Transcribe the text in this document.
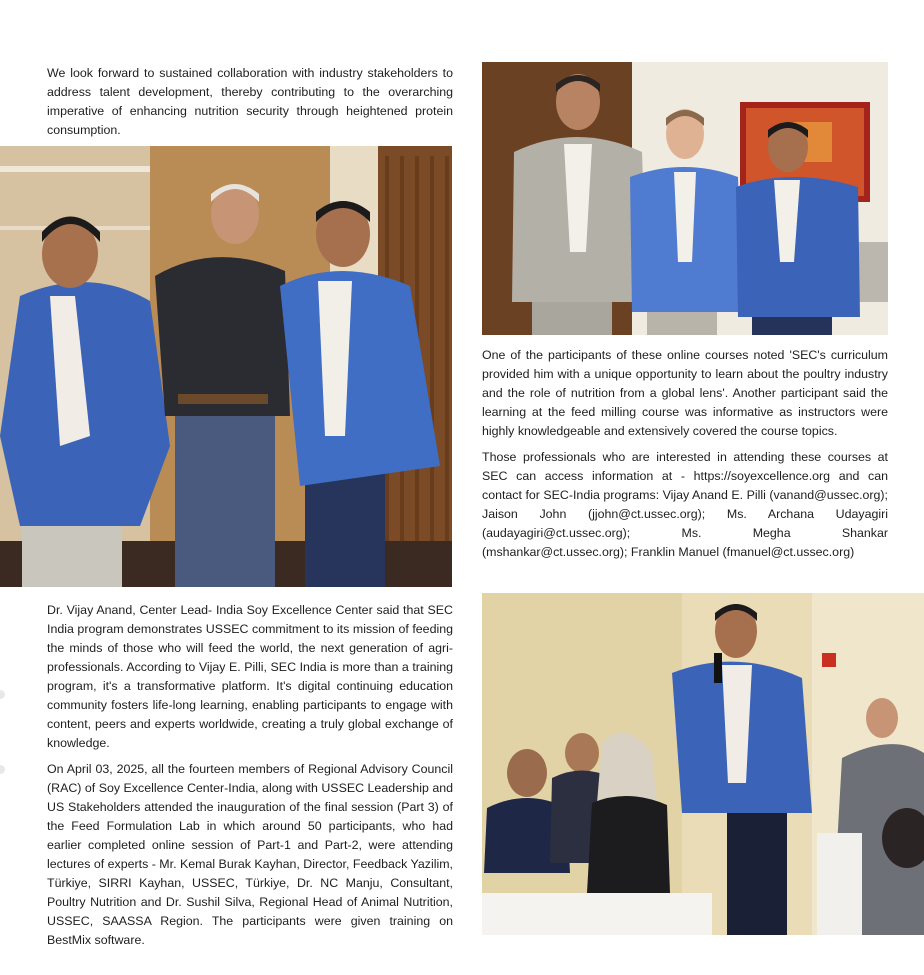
We look forward to sustained collaboration with industry stakeholders to address talent development, thereby contributing to the overarching imperative of enhancing nutrition security through heightened protein consumption.

Dr. Vijay Anand, Center Lead- India Soy Excellence Center said that SEC India program demonstrates USSEC commitment to its mission of feeding the minds of those who will feed the world, the next generation of agri-professionals. According to Vijay E. Pilli, SEC India is more than a training program, it's a transformative platform. It's digital continuing education community fosters life-long learning, enabling participants to engage with content, peers and experts worldwide, creating a truly global exchange of knowledge.

On April 03, 2025, all the fourteen members of Regional Advisory Council (RAC) of Soy Excellence Center-India, along with USSEC Leadership and US Stakeholders attended the inauguration of the final session (Part 3) of the Feed Formulation Lab in which around 50 participants, who had earlier completed online session of Part-1 and Part-2, were attending lectures of experts - Mr. Kemal Burak Kayhan, Director, Feedback Yazilim, Türkiye, SIRRI Kayhan, USSEC, Türkiye, Dr. NC Manju, Consultant, Poultry Nutrition and Dr. Sushil Silva, Regional Head of Animal Nutrition, USSEC, SAASSA Region. The participants were given training on BestMix software.

One of the participants of these online courses noted 'SEC's curriculum provided him with a unique opportunity to learn about the poultry industry and the role of nutrition from a global lens'. Another participant said the learning at the feed milling course was informative as instructors were highly knowledgeable and extensively covered the course topics.

Those professionals who are interested in attending these courses at SEC can access information at - https://soyexcellence.org and can contact for SEC-India programs: Vijay Anand E. Pilli (vanand@ussec.org); Jaison John (jjohn@ct.ussec.org); Ms. Archana Udayagiri (audayagiri@ct.ussec.org); Ms. Megha Shankar (mshankar@ct.ussec.org); Franklin Manuel (fmanuel@ct.ussec.org)
